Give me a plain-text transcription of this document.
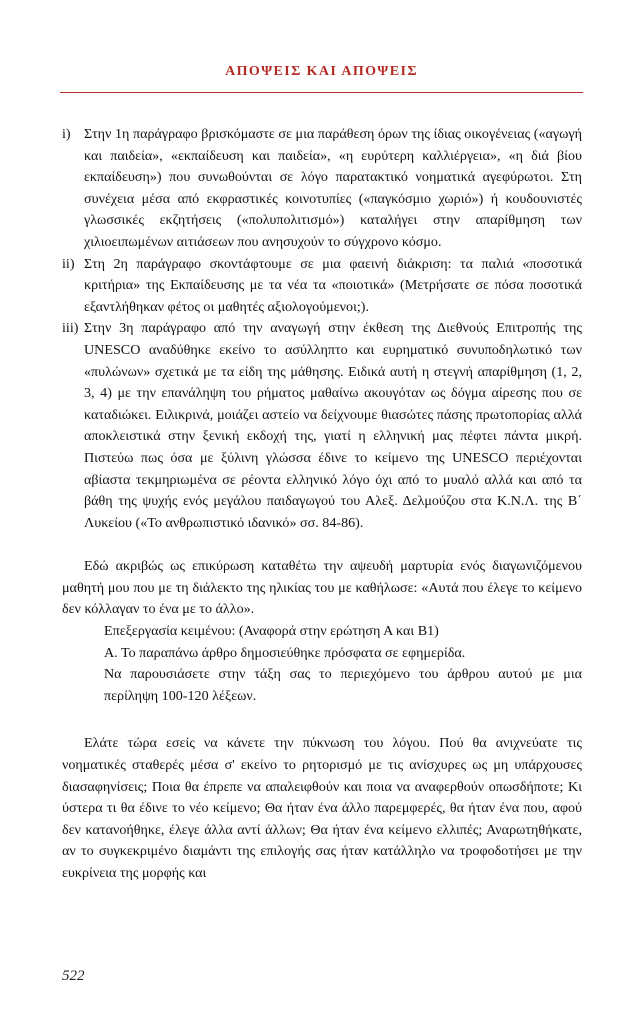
ΑΠΟΨΕΙΣ ΚΑΙ ΑΠΟΨΕΙΣ
i) Στην 1η παράγραφο βρισκόμαστε σε μια παράθεση όρων της ίδιας οικογένειας («αγωγή και παιδεία», «εκπαίδευση και παιδεία», «η ευρύτερη καλλιέργεια», «η διά βίου εκπαίδευση») που συνωθούνται σε λόγο παρατακτικό νοηματικά αγεφύρωτοι. Στη συνέχεια μέσα από εκφραστικές κοινοτυπίες («παγκόσμιο χωριό») ή κουδουνιστές γλωσσικές εκζητήσεις («πολυπολιτισμό») καταλήγει στην απαρίθμηση των χιλιοειπωμένων αιτιάσεων που ανησυχούν το σύγχρονο κόσμο.
ii) Στη 2η παράγραφο σκοντάφτουμε σε μια φαεινή διάκριση: τα παλιά «ποσοτικά κριτήρια» της Εκπαίδευσης με τα νέα τα «ποιοτικά» (Μετρήσατε σε πόσα ποσοτικά εξαντλήθηκαν φέτος οι μαθητές αξιολογούμενοι;).
iii) Στην 3η παράγραφο από την αναγωγή στην έκθεση της Διεθνούς Επιτροπής της UNESCO αναδύθηκε εκείνο το ασύλληπτο και ευρηματικό συνυποδηλωτικό των «πυλώνων» σχετικά με τα είδη της μάθησης. Ειδικά αυτή η στεγνή απαρίθμηση (1, 2, 3, 4) με την επανάληψη του ρήματος μαθαίνω ακουγόταν ως δόγμα αίρεσης που σε καταδιώκει. Ειλικρινά, μοιάζει αστείο να δείχνουμε θιασώτες πάσης πρωτοπορίας αλλά αποκλειστικά στην ξενική εκδοχή της, γιατί η ελληνική μας πέφτει πάντα μικρή. Πιστεύω πως όσα με ξύλινη γλώσσα έδινε το κείμενο της UNESCO περιέχονται αβίαστα τεκμηριωμένα σε ρέοντα ελληνικό λόγο όχι από το μυαλό αλλά και από τα βάθη της ψυχής ενός μεγάλου παιδαγωγού του Αλεξ. Δελμούζου στα Κ.Ν.Λ. της Β΄ Λυκείου («Το ανθρωπιστικό ιδανικό» σσ. 84-86).

Εδώ ακριβώς ως επικύρωση καταθέτω την αψευδή μαρτυρία ενός διαγωνιζόμενου μαθητή μου που με τη διάλεκτο της ηλικίας του με καθήλωσε: «Αυτά που έλεγε το κείμενο δεν κόλλαγαν το ένα με το άλλο».

Επεξεργασία κειμένου: (Αναφορά στην ερώτηση Α και Β1)
Α. Το παραπάνω άρθρο δημοσιεύθηκε πρόσφατα σε εφημερίδα.
Να παρουσιάσετε στην τάξη σας το περιεχόμενο του άρθρου αυτού με μια περίληψη 100-120 λέξεων.

Ελάτε τώρα εσείς να κάνετε την πύκνωση του λόγου. Πού θα ανιχνεύατε τις νοηματικές σταθερές μέσα σ' εκείνο το ρητορισμό με τις ανίσχυρες ως μη υπάρχουσες διασαφηνίσεις; Ποια θα έπρεπε να απαλειφθούν και ποια να αναφερθούν οπωσδήποτε; Κι ύστερα τι θα έδινε το νέο κείμενο; Θα ήταν ένα άλλο παρεμφερές, θα ήταν ένα που, αφού δεν κατανοήθηκε, έλεγε άλλα αντί άλλων; Θα ήταν ένα κείμενο ελλιπές; Αναρωτηθήκατε, αν το συγκεκριμένο διαμάντι της επιλογής σας ήταν κατάλληλο να τροφοδοτήσει με την ευκρίνεια της μορφής και

522
